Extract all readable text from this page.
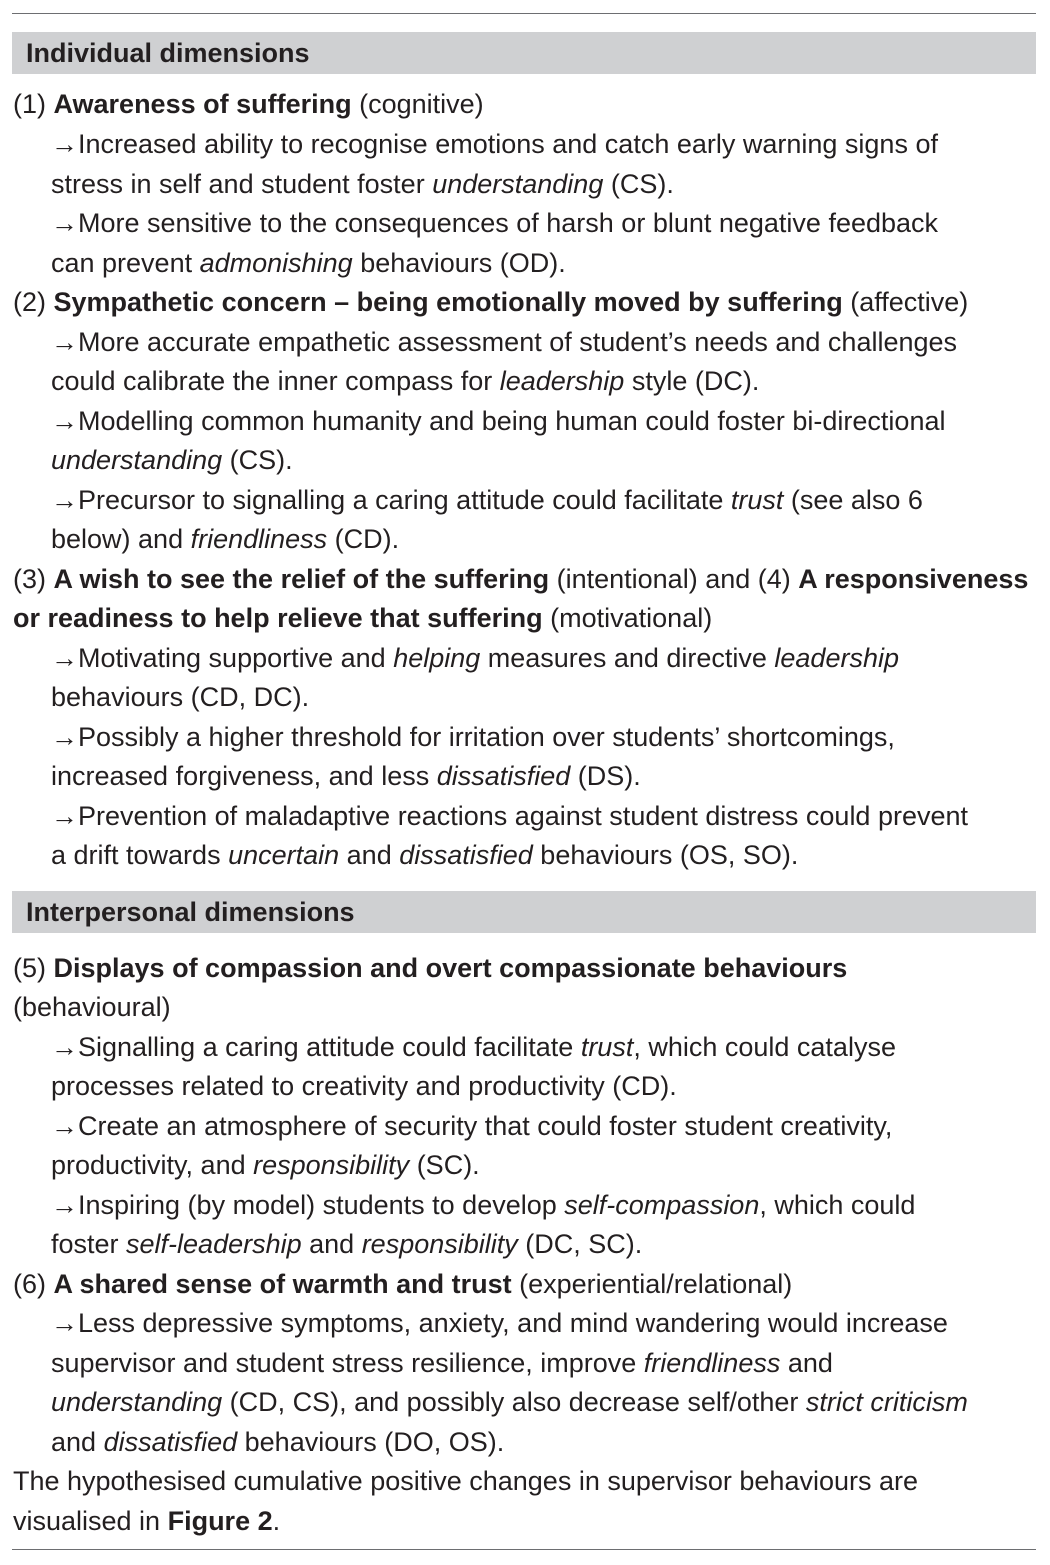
Individual dimensions
(1) Awareness of suffering (cognitive)
→Increased ability to recognise emotions and catch early warning signs of
stress in self and student foster understanding (CS).
→More sensitive to the consequences of harsh or blunt negative feedback
can prevent admonishing behaviours (OD).
(2) Sympathetic concern – being emotionally moved by suffering (affective)
→More accurate empathetic assessment of student’s needs and challenges
could calibrate the inner compass for leadership style (DC).
→Modelling common humanity and being human could foster bi-directional
understanding (CS).
→Precursor to signalling a caring attitude could facilitate trust (see also 6
below) and friendliness (CD).
(3) A wish to see the relief of the suffering (intentional) and (4) A responsiveness
or readiness to help relieve that suffering (motivational)
→Motivating supportive and helping measures and directive leadership
behaviours (CD, DC).
→Possibly a higher threshold for irritation over students’ shortcomings,
increased forgiveness, and less dissatisfied (DS).
→Prevention of maladaptive reactions against student distress could prevent
a drift towards uncertain and dissatisfied behaviours (OS, SO).
Interpersonal dimensions
(5) Displays of compassion and overt compassionate behaviours
(behavioural)
→Signalling a caring attitude could facilitate trust, which could catalyse
processes related to creativity and productivity (CD).
→Create an atmosphere of security that could foster student creativity,
productivity, and responsibility (SC).
→Inspiring (by model) students to develop self-compassion, which could
foster self-leadership and responsibility (DC, SC).
(6) A shared sense of warmth and trust (experiential/relational)
→Less depressive symptoms, anxiety, and mind wandering would increase
supervisor and student stress resilience, improve friendliness and
understanding (CD, CS), and possibly also decrease self/other strict criticism
and dissatisfied behaviours (DO, OS).
The hypothesised cumulative positive changes in supervisor behaviours are
visualised in Figure 2.
